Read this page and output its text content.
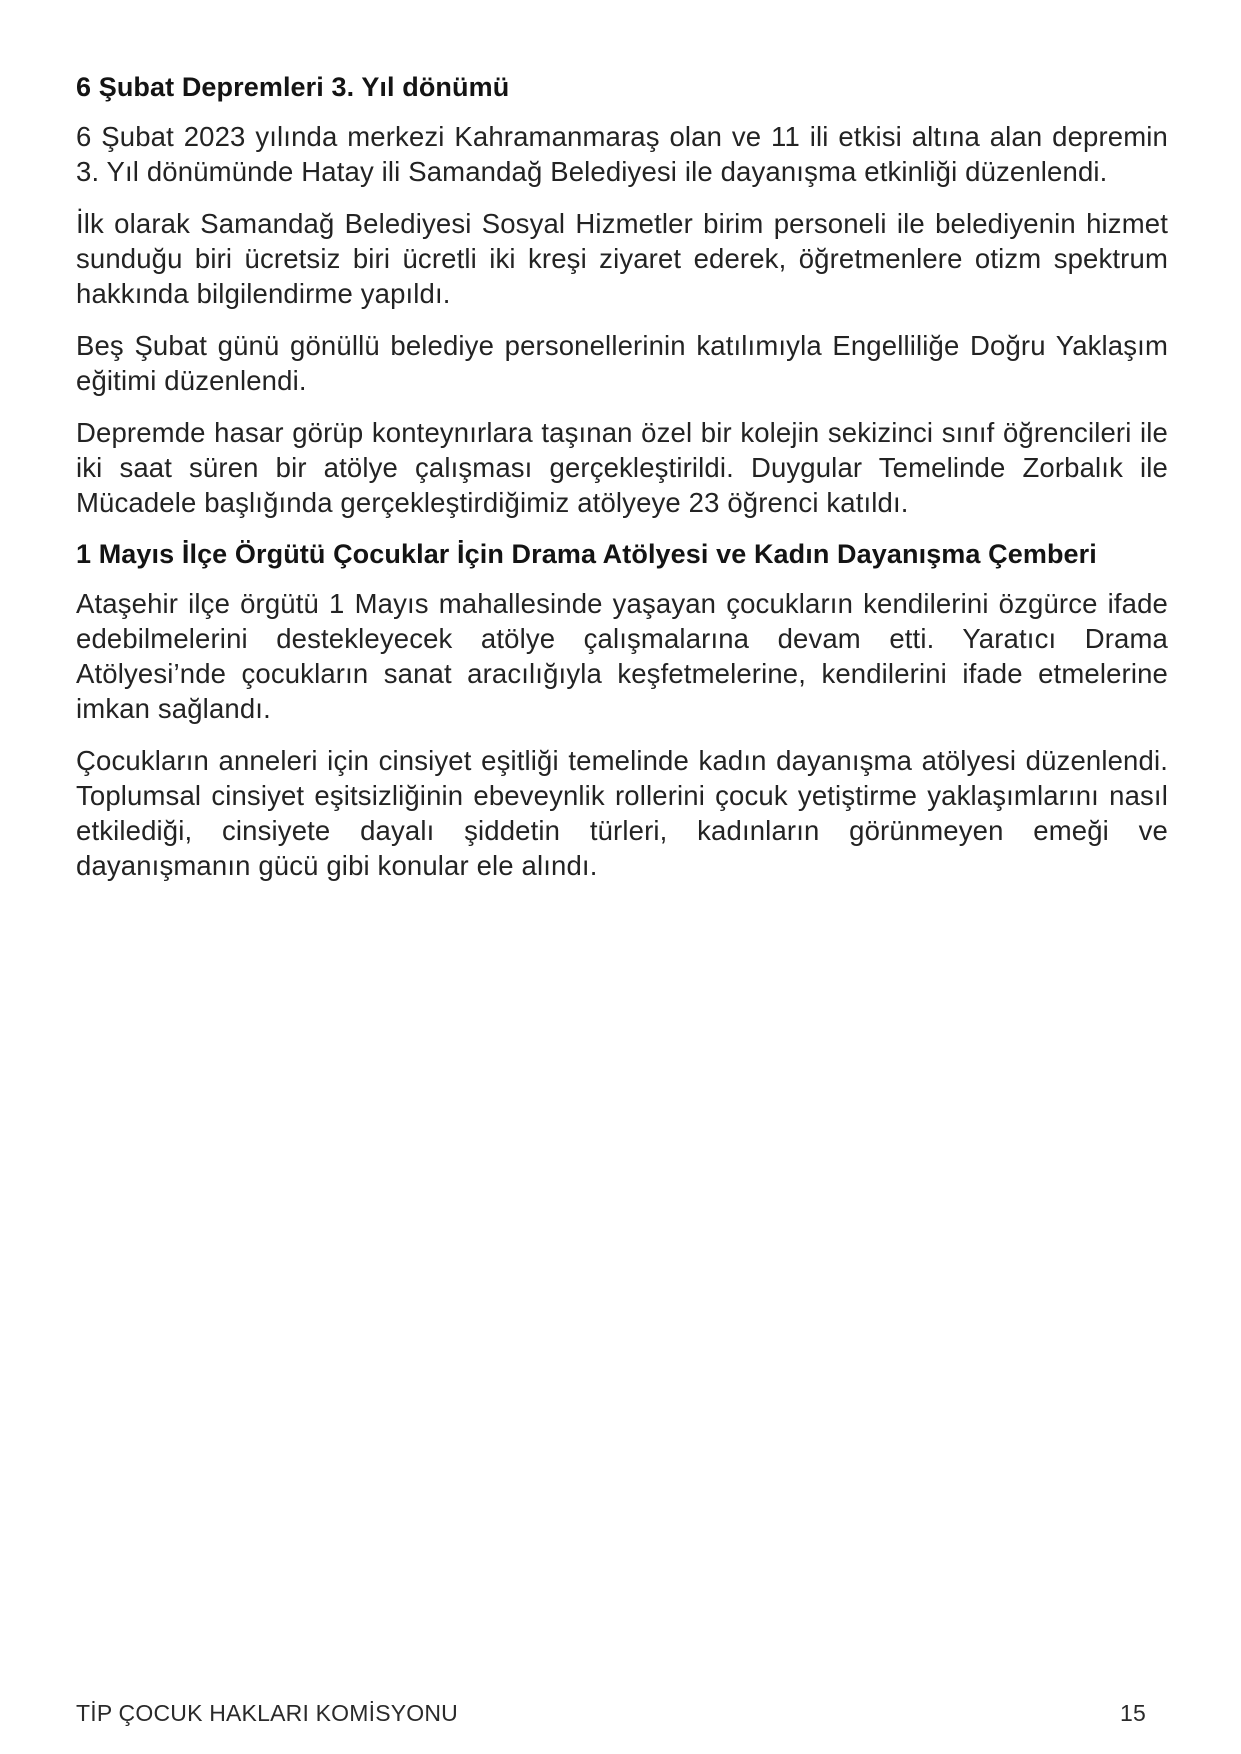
6 Şubat Depremleri 3. Yıl dönümü

6 Şubat 2023 yılında merkezi Kahramanmaraş olan ve 11 ili etkisi altına alan depremin 3. Yıl dönümünde Hatay ili Samandağ Belediyesi ile dayanışma etkinliği düzenlendi.

İlk olarak Samandağ Belediyesi Sosyal Hizmetler birim personeli ile belediyenin hizmet sunduğu biri ücretsiz biri ücretli iki kreşi ziyaret ederek, öğretmenlere otizm spektrum hakkında bilgilendirme yapıldı.

Beş Şubat günü gönüllü belediye personellerinin katılımıyla Engelliliğe Doğru Yaklaşım eğitimi düzenlendi.

Depremde hasar görüp konteynırlara taşınan özel bir kolejin sekizinci sınıf öğrencileri ile iki saat süren bir atölye çalışması gerçekleştirildi. Duygular Temelinde Zorbalık ile Mücadele başlığında gerçekleştirdiğimiz atölyeye 23 öğrenci katıldı.

1 Mayıs İlçe Örgütü Çocuklar İçin Drama Atölyesi ve Kadın Dayanışma Çemberi

Ataşehir ilçe örgütü 1 Mayıs mahallesinde yaşayan çocukların kendilerini özgürce ifade edebilmelerini destekleyecek atölye çalışmalarına devam etti. Yaratıcı Drama Atölyesi’nde çocukların sanat aracılığıyla keşfetmelerine, kendilerini ifade etmelerine imkan sağlandı.

Çocukların anneleri için cinsiyet eşitliği temelinde kadın dayanışma atölyesi düzenlendi. Toplumsal cinsiyet eşitsizliğinin ebeveynlik rollerini çocuk yetiştirme yaklaşımlarını nasıl etkilediği, cinsiyete dayalı şiddetin türleri, kadınların görünmeyen emeği ve dayanışmanın gücü gibi konular ele alındı.

TİP ÇOCUK HAKLARI KOMİSYONU	15
